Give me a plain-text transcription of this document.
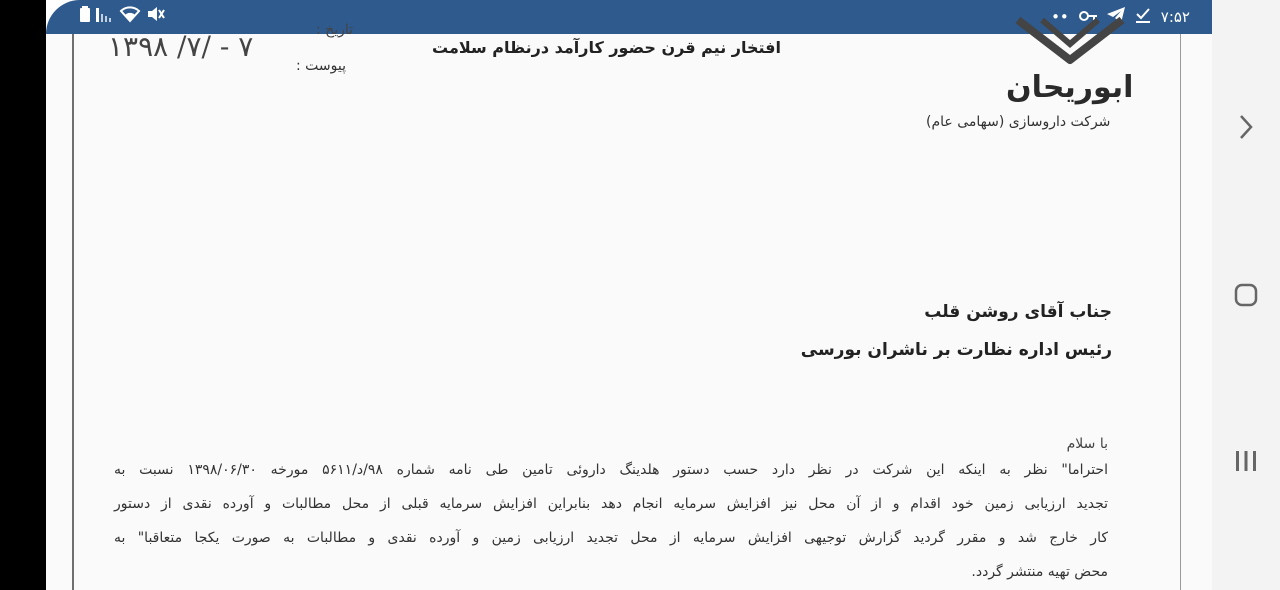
••	۷:۵۲
۱۳۹۸ /۷/ - ۷	تاریخ :
پیوست :
افتخار نیم قرن حضور کارآمد درنظام سلامت
ابوریحان
شرکت داروسازی (سهامی عام)
جناب آقای روشن قلب
رئیس اداره نظارت بر ناشران بورسی
با سلام
احتراما" نظر به اینکه این شرکت در نظر دارد حسب دستور هلدینگ داروئی تامین طی نامه شماره ۹۸/د/۵۶۱۱ مورخه ۱۳۹۸/۰۶/۳۰ نسبت به
تجدید ارزیابی زمین خود اقدام و از آن محل نیز افزایش سرمایه انجام دهد بنابراین افزایش سرمایه قبلی از محل مطالبات و آورده نقدی از دستور
کار خارج شد و مقرر گردید گزارش توجیهی افزایش سرمایه از محل تجدید ارزیابی زمین و آورده نقدی و مطالبات به صورت یکجا متعاقبا" به
محض تهیه منتشر گردد.
